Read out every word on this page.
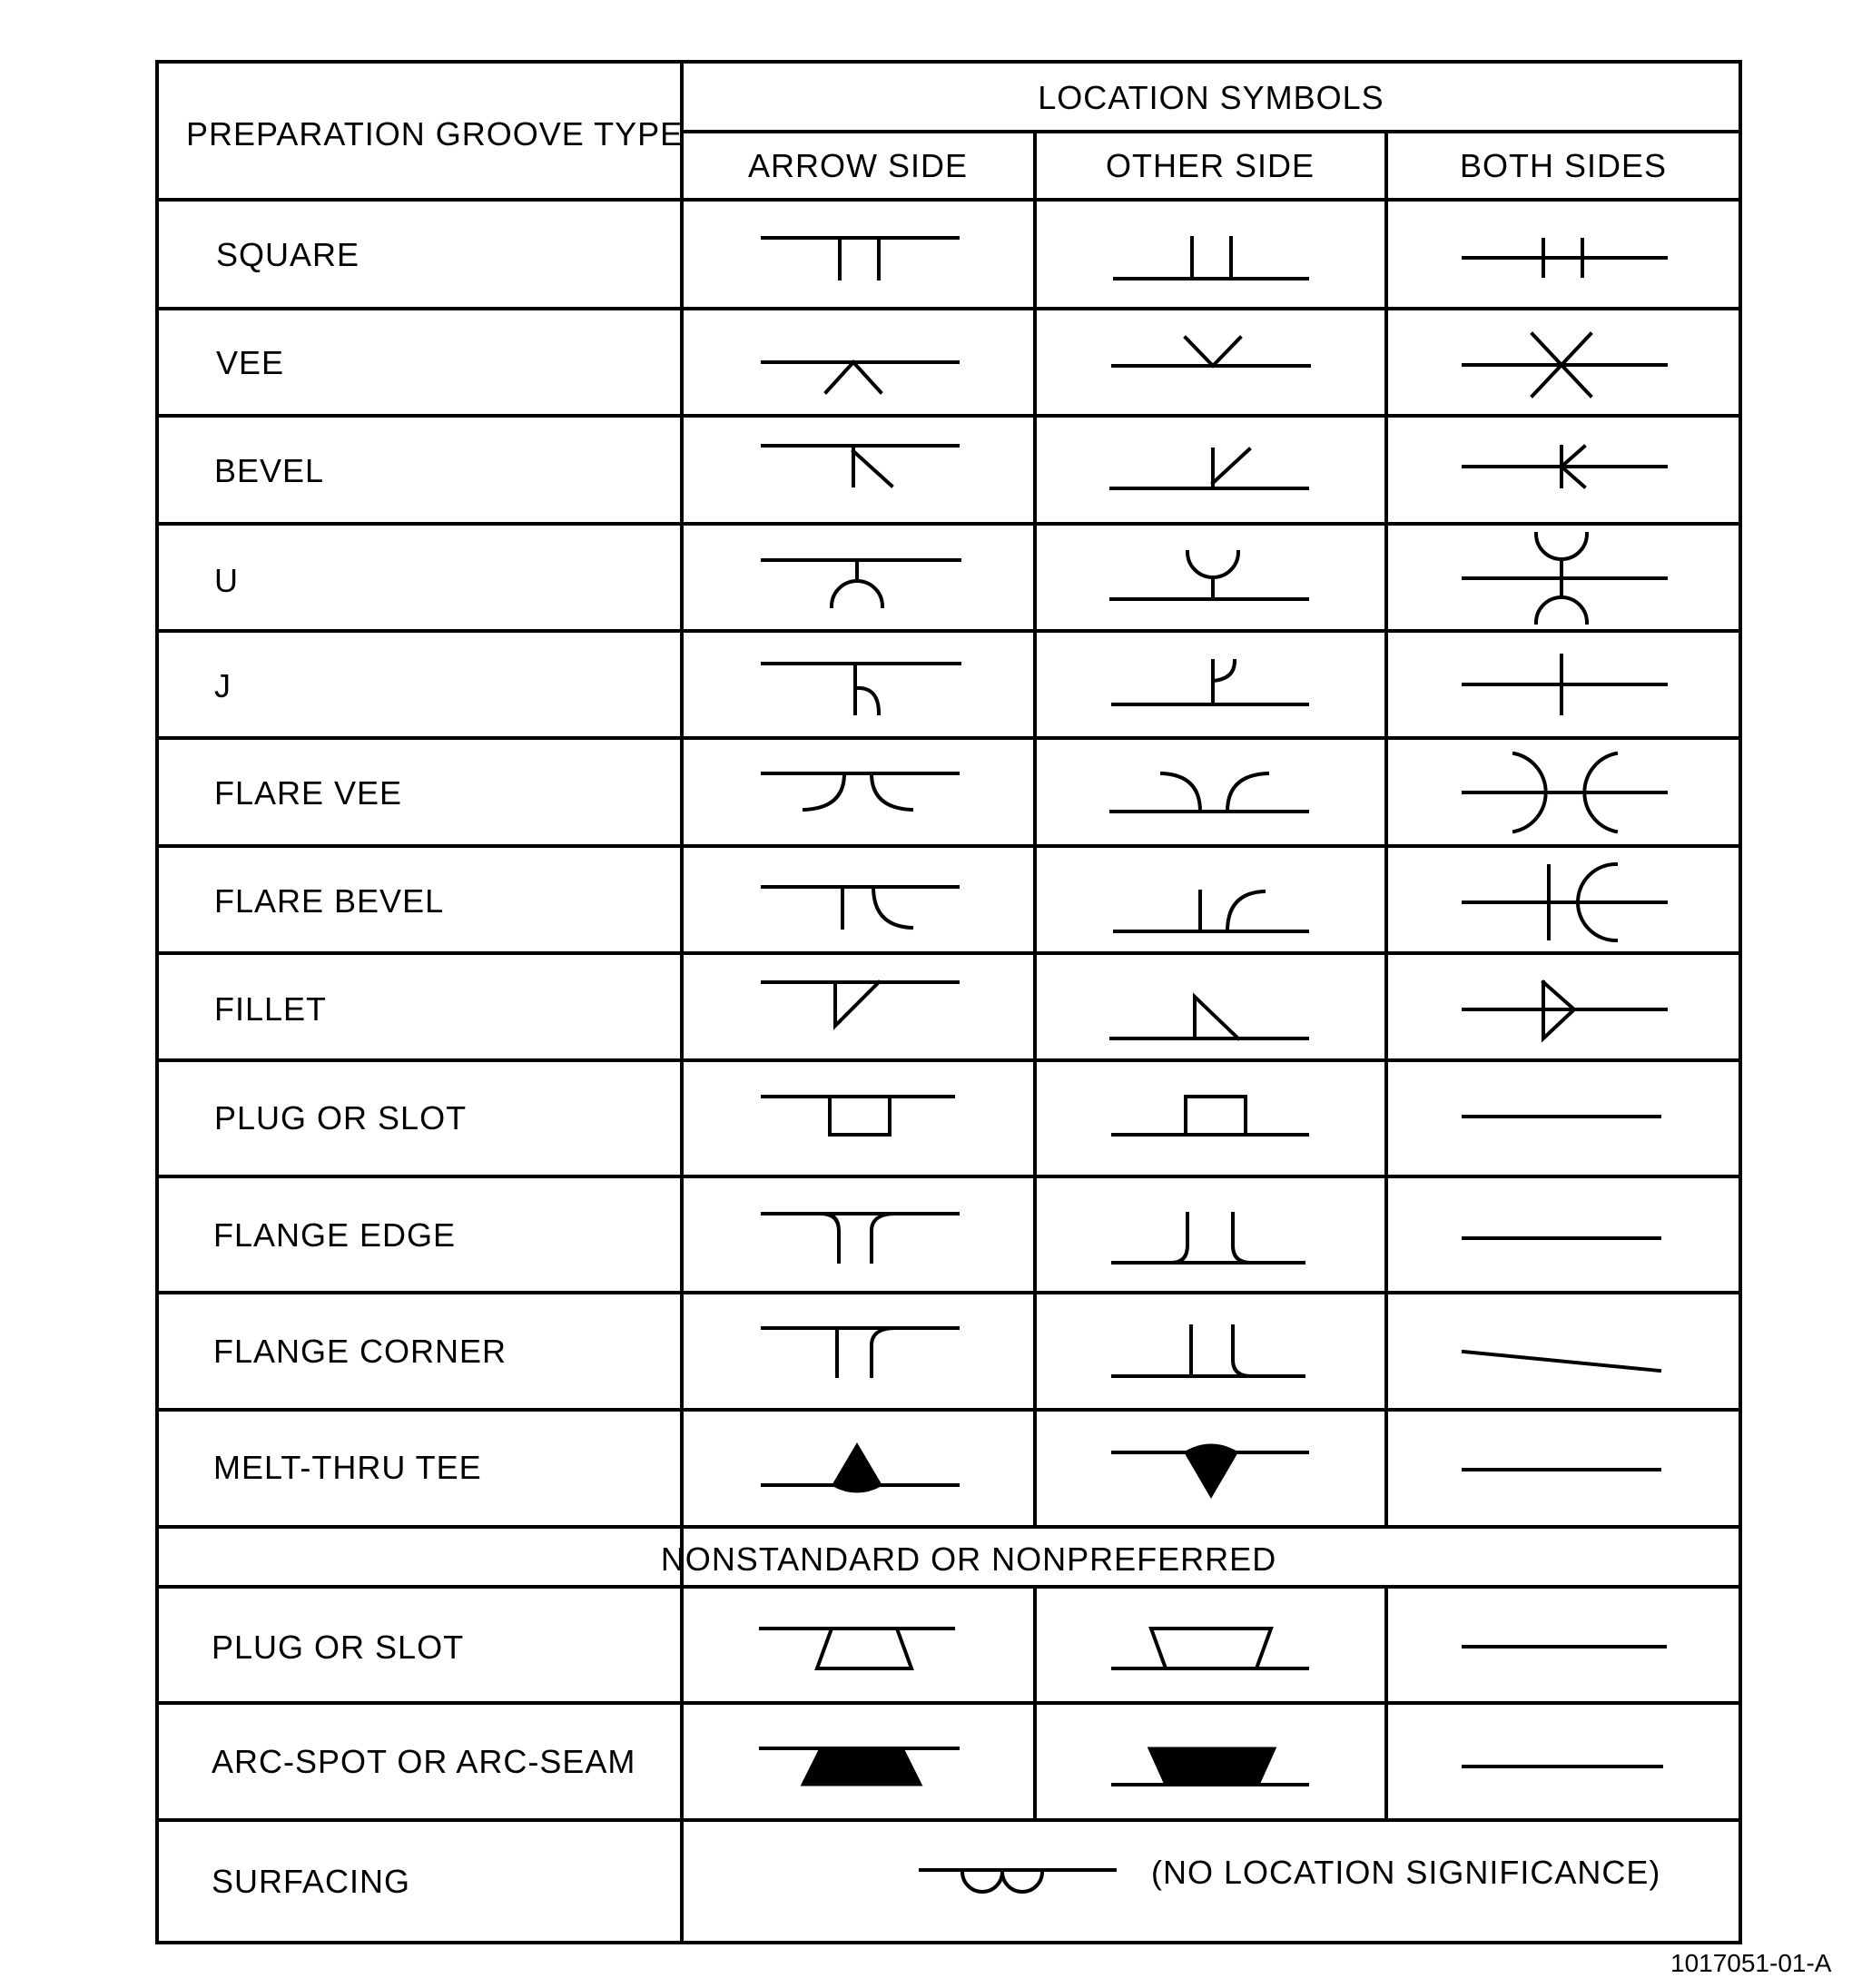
PREPARATION GROOVE TYPE
LOCATION SYMBOLS
ARROW SIDE	OTHER SIDE	BOTH SIDES
SQUARE
VEE
BEVEL
U
J
FLARE VEE
FLARE BEVEL
FILLET
PLUG OR SLOT
FLANGE EDGE
FLANGE CORNER
MELT-THRU TEE
NONSTANDARD OR NONPREFERRED
PLUG OR SLOT
ARC-SPOT OR ARC-SEAM
SURFACING	(NO LOCATION SIGNIFICANCE)
1017051-01-A
